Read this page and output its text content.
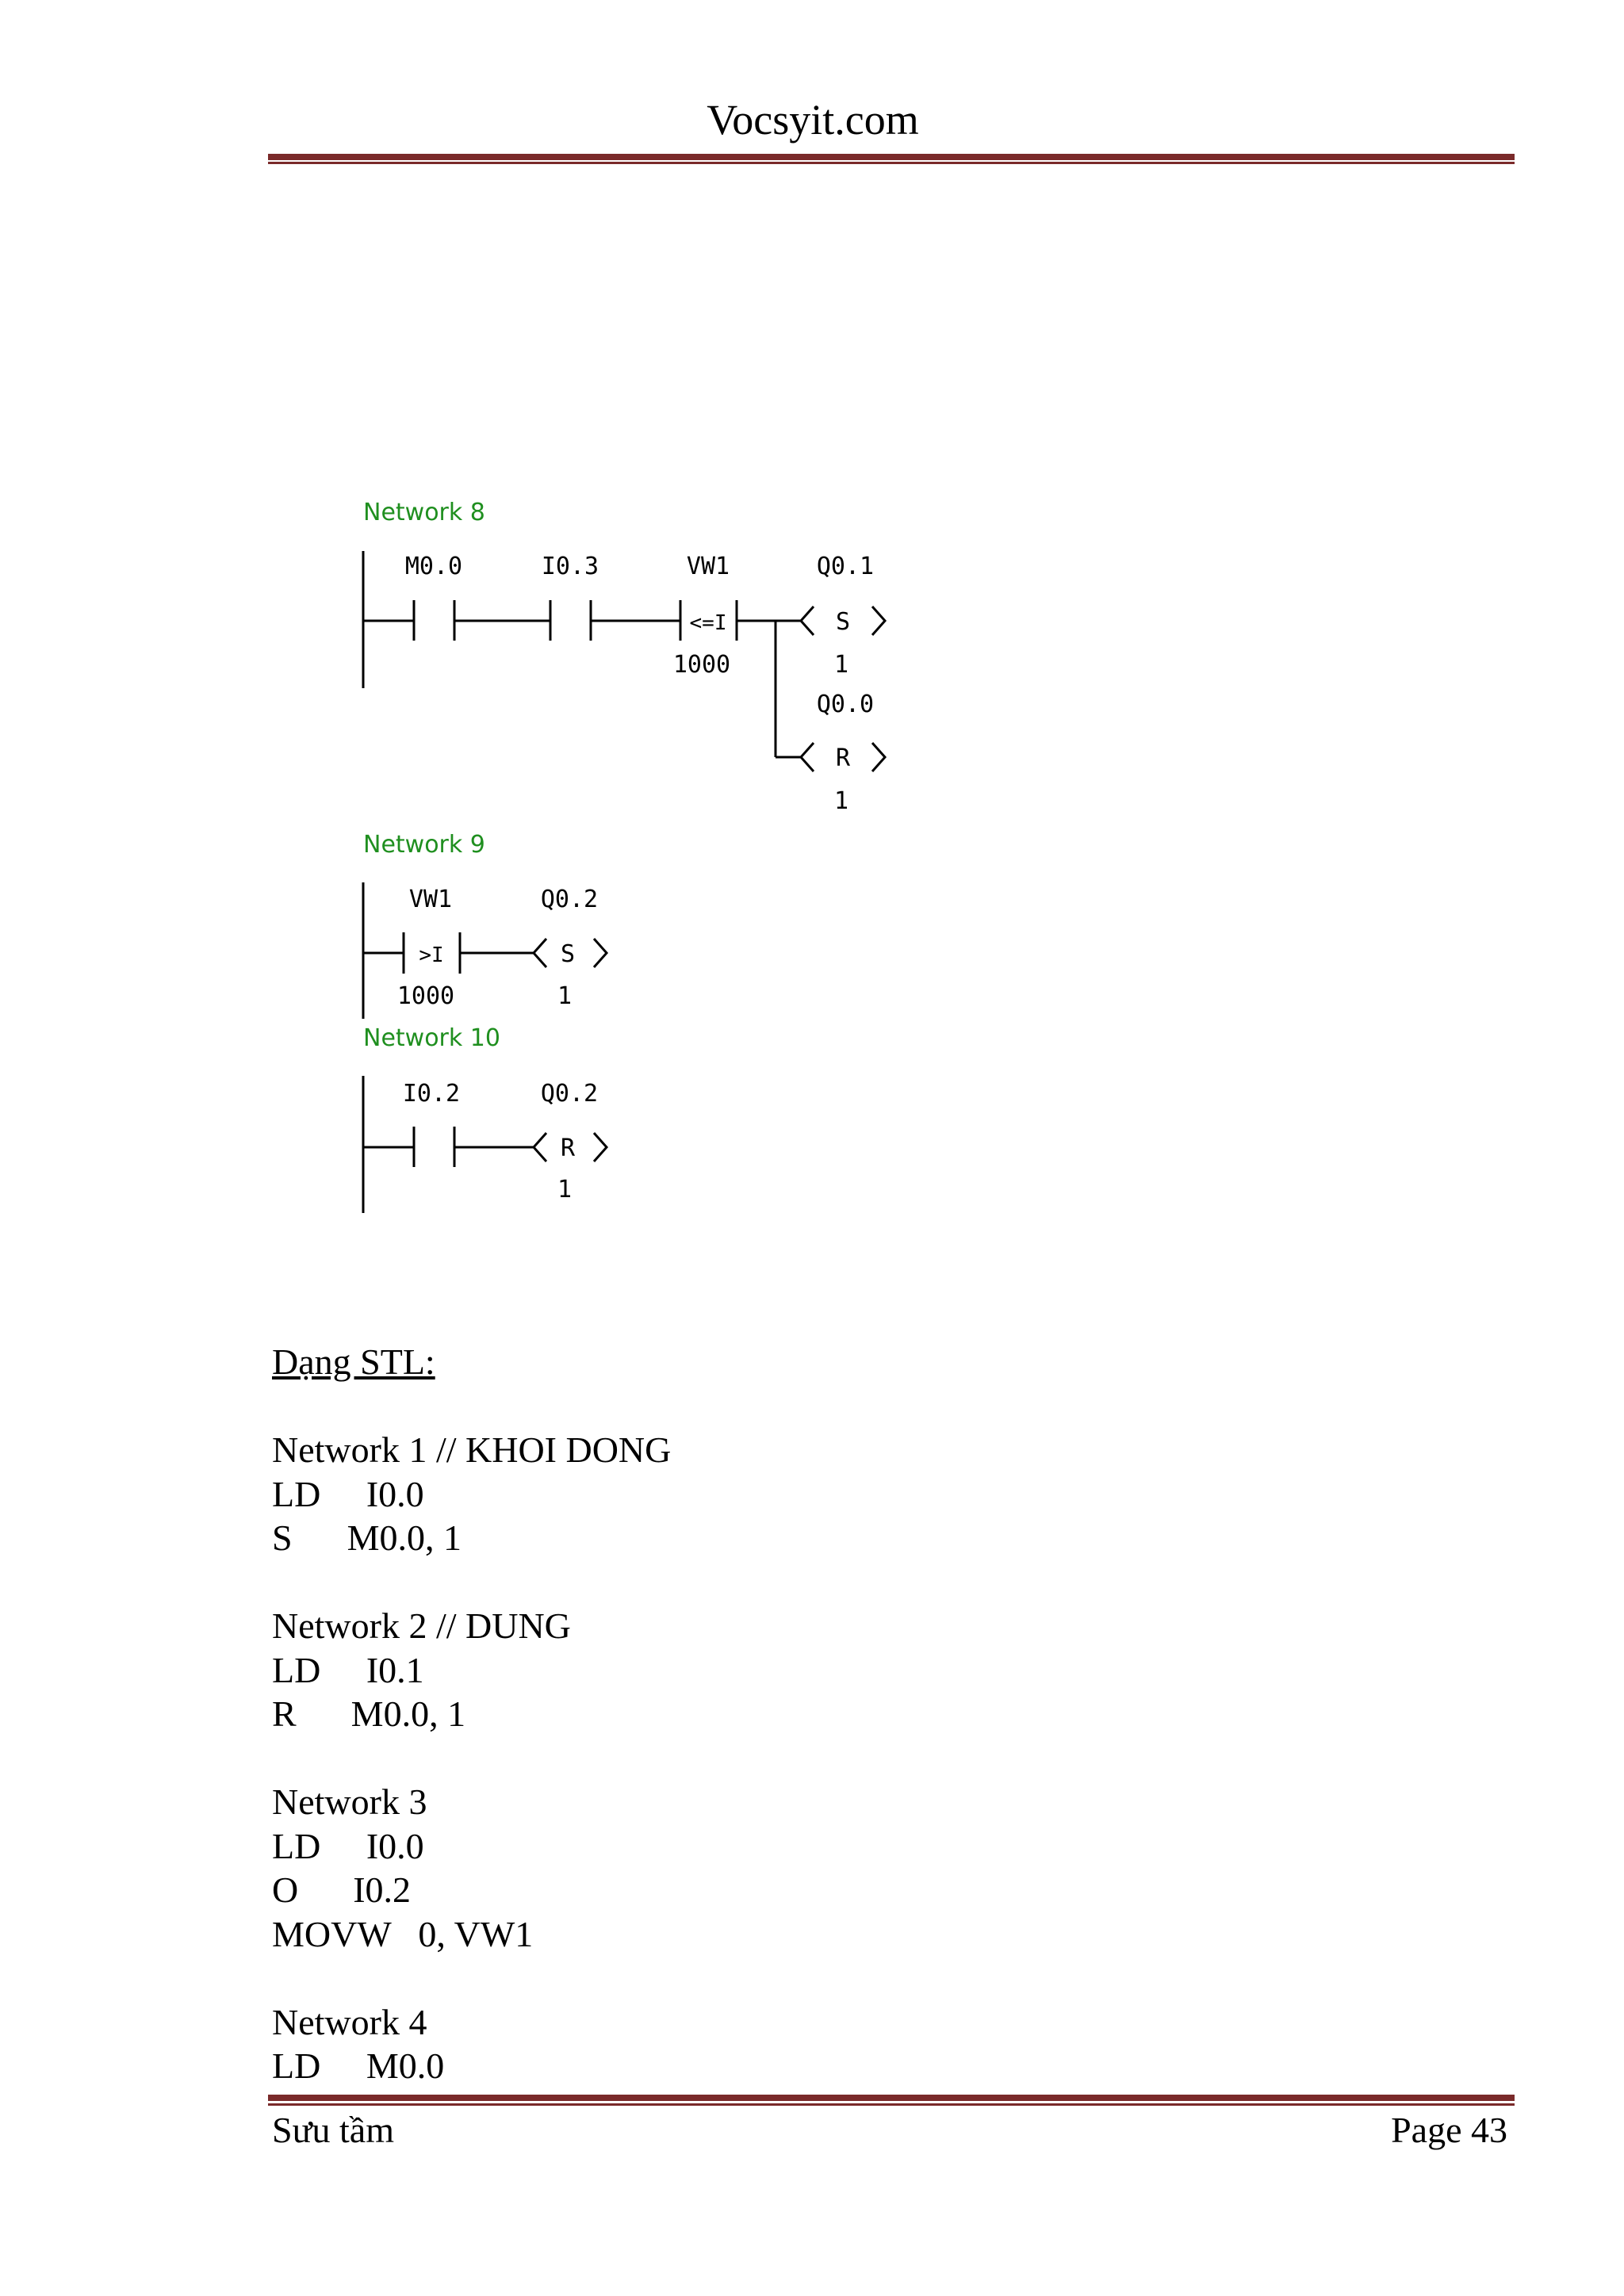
Vocsyit.com
Network 8
M0.0	I0.3	VW1
<=I
1000
Q0.1
S
1
Q0.0
R
1
Network 9
VW1
>I
1000
Q0.2
S
1
Network 10
I0.2	Q0.2
R
1
Dạng STL:
Network 1 // KHOI DONG
LD     I0.0
S      M0.0, 1
Network 2 // DUNG
LD     I0.1
R      M0.0, 1
Network 3
LD     I0.0
O      I0.2
MOVW   0, VW1
Network 4
LD     M0.0
Sưu tầm	Page 43
